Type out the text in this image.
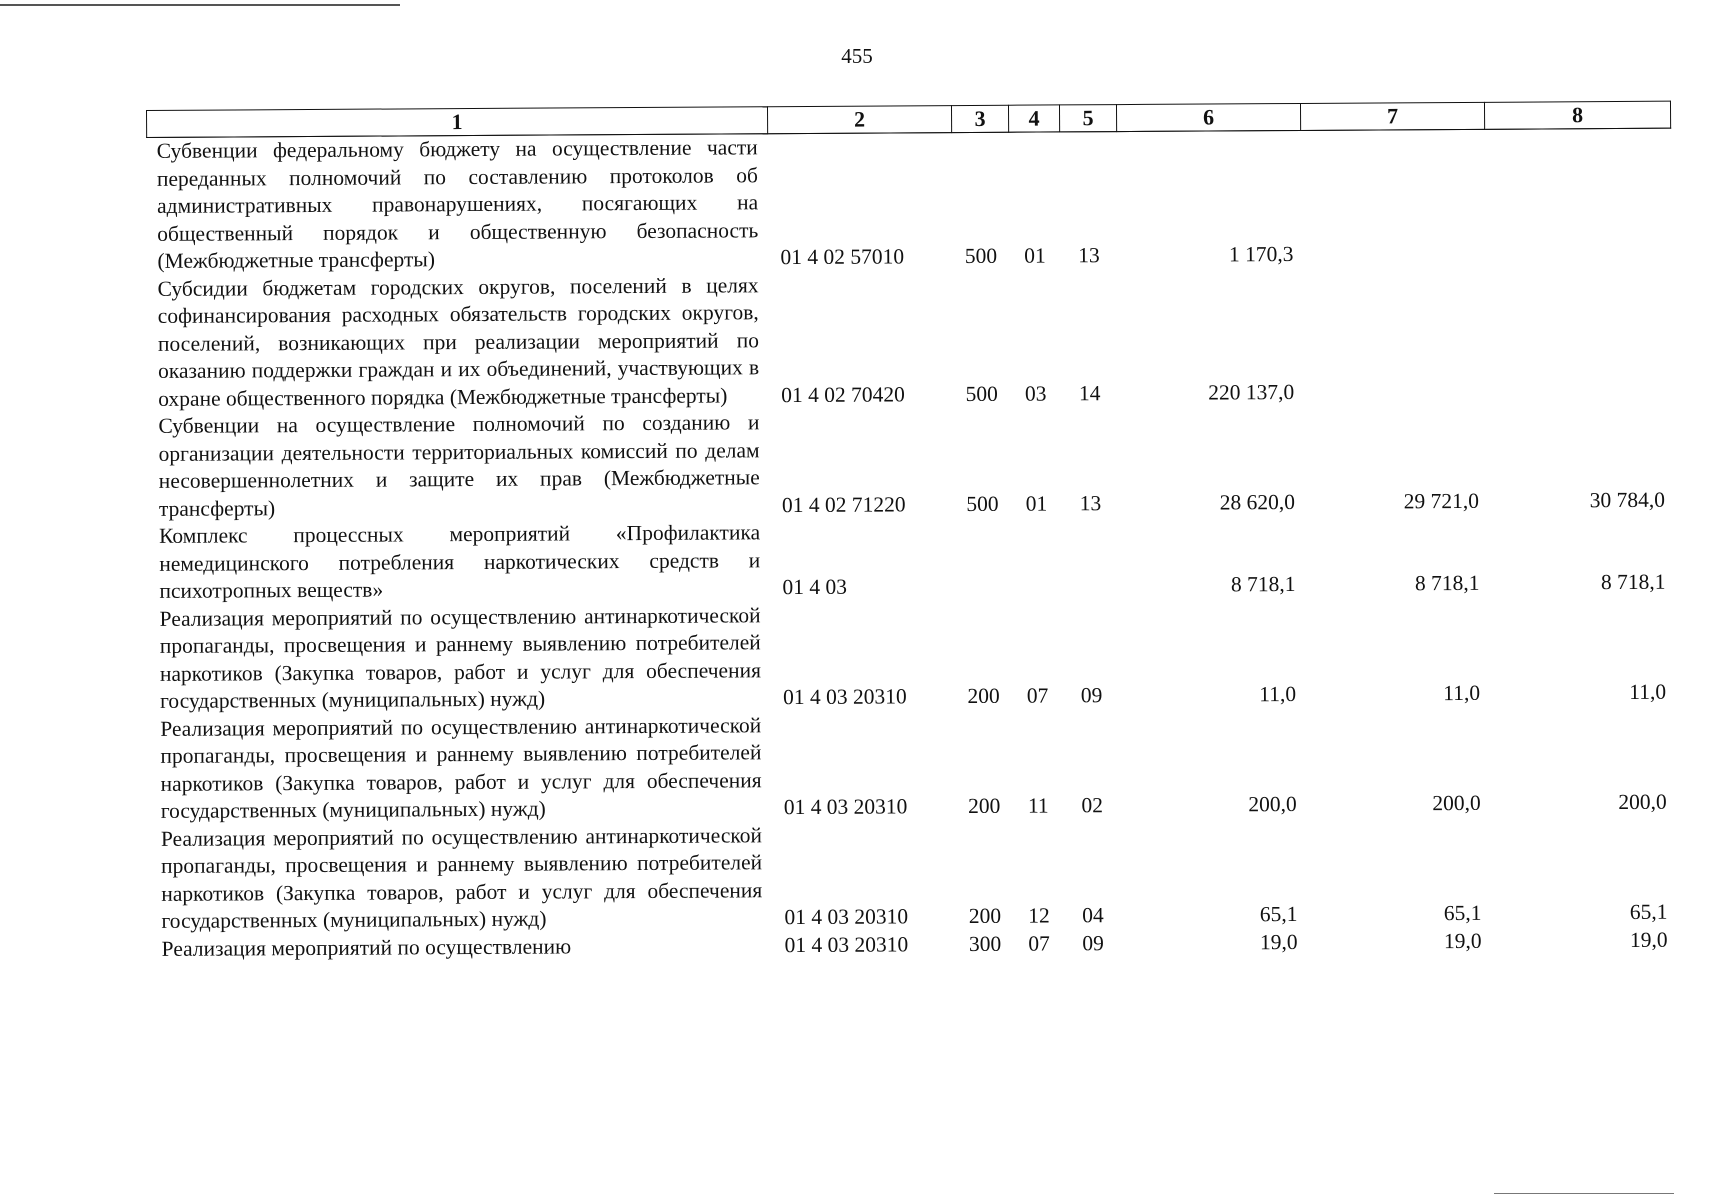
455
1	2	3	4	5	6	7	8
Субвенции федеральному бюджету на осуществление части переданных полномочий по составлению протоколов об административных правонарушениях, посягающих на общественный порядок и общественную безопасность (Межбюджетные трансферты)	01 4 02 57010	500	01	13	1 170,3		
Субсидии бюджетам городских округов, поселений в целях софинансирования расходных обязательств городских округов, поселений, возникающих при реализации мероприятий по оказанию поддержки граждан и их объединений, участвующих в охране общественного порядка (Межбюджетные трансферты)	01 4 02 70420	500	03	14	220 137,0		
Субвенции на осуществление полномочий по созданию и организации деятельности территориальных комиссий по делам несовершеннолетних и защите их прав (Межбюджетные трансферты)	01 4 02 71220	500	01	13	28 620,0	29 721,0	30 784,0
Комплекс процессных мероприятий «Профилактика немедицинского потребления наркотических средств и психотропных веществ»	01 4 03				8 718,1	8 718,1	8 718,1
Реализация мероприятий по осуществлению антинаркотической пропаганды, просвещения и раннему выявлению потребителей наркотиков (Закупка товаров, работ и услуг для обеспечения государственных (муниципальных) нужд)	01 4 03 20310	200	07	09	11,0	11,0	11,0
Реализация мероприятий по осуществлению антинаркотической пропаганды, просвещения и раннему выявлению потребителей наркотиков (Закупка товаров, работ и услуг для обеспечения государственных (муниципальных) нужд)	01 4 03 20310	200	11	02	200,0	200,0	200,0
Реализация мероприятий по осуществлению антинаркотической пропаганды, просвещения и раннему выявлению потребителей наркотиков (Закупка товаров, работ и услуг для обеспечения государственных (муниципальных) нужд)	01 4 03 20310	200	12	04	65,1	65,1	65,1

Реализация мероприятий по осуществлению	01 4 03 20310	300	07	09	19,0	19,0	19,0
